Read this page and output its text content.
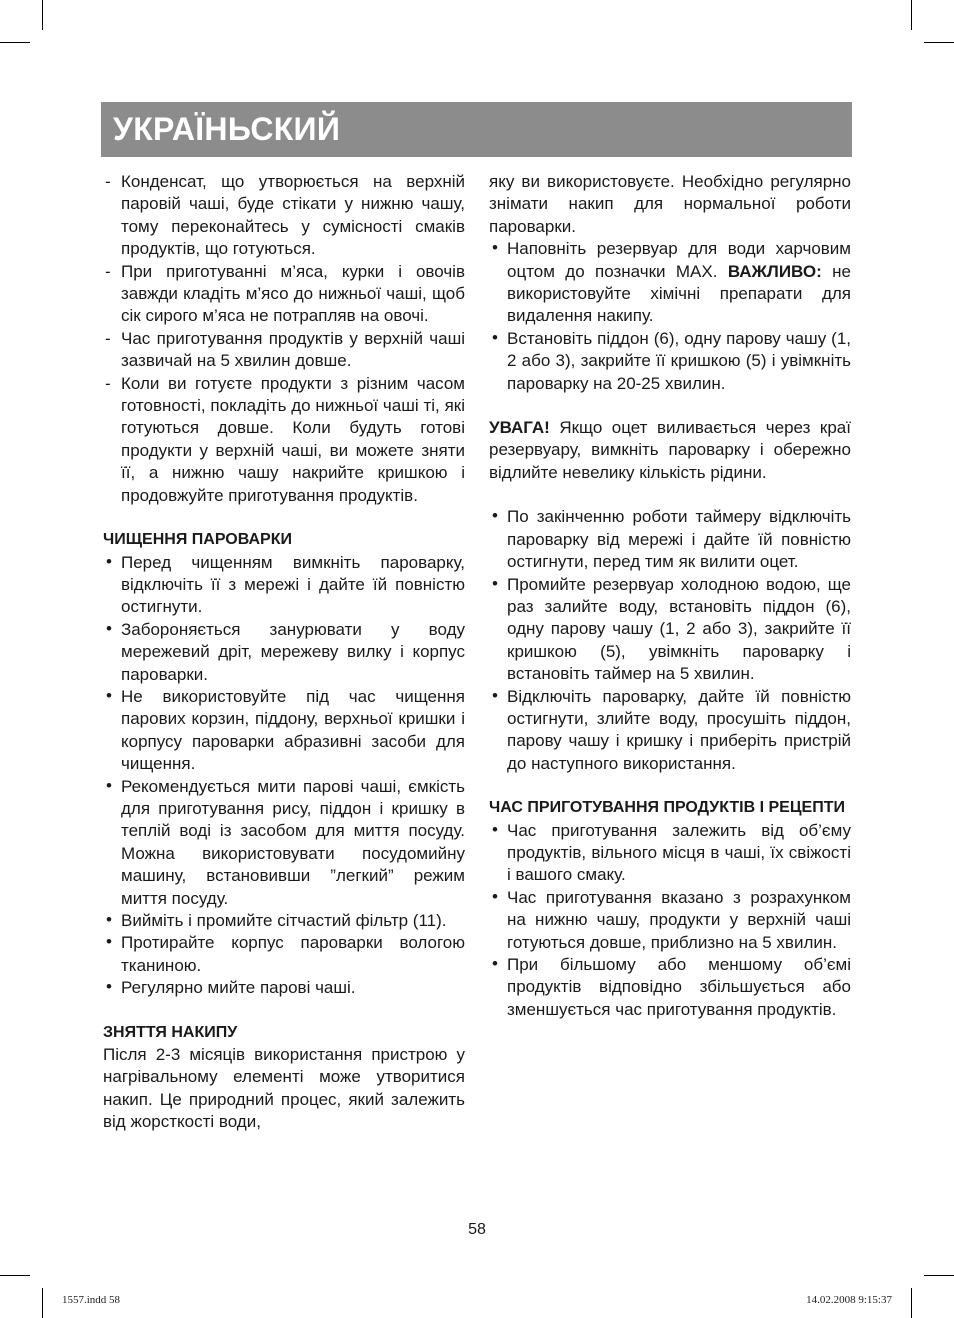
УКРАЇНЬСКИЙ
- Конденсат, що утворюється на верхній паровій чаші, буде стікати у нижню чашу, тому переконайтесь у сумісності смаків продуктів, що готуються.
- При приготуванні м’яса, курки і овочів завжди кладіть м’ясо до нижньої чаші, щоб сік сирого м’яса не потрапляв на овочі.
- Час приготування продуктів у верхній чаші зазвичай на 5 хвилин довше.
- Коли ви готуєте продукти з різним часом готовності, покладіть до нижньої чаші ті, які готуються довше. Коли будуть готові продукти у верхній чаші, ви можете зняти її, а нижню чашу накрийте кришкою і продовжуйте приготування продуктів.

ЧИЩЕННЯ ПАРОВАРКИ

• Перед чищенням вимкніть пароварку, відключіть її з мережі і дайте їй повністю остигнути.
• Забороняється занурювати у воду мережевий дріт, мережеву вилку і корпус пароварки.
• Не використовуйте під час чищення парових корзин, піддону, верхньої кришки і корпусу пароварки абразивні засоби для чищення.
• Рекомендується мити парові чаші, ємкість для приготування рису, піддон і кришку в теплій воді із засобом для миття посуду. Можна використовувати посудомийну машину, встановивши ”легкий” режим миття посуду.
• Вийміть і промийте сітчастий фільтр (11).
• Протирайте корпус пароварки вологою тканиною.
• Регулярно мийте парові чаші.

ЗНЯТТЯ НАКИПУ

Після 2-3 місяців використання пристрою у нагрівальному елементі може утворитися накип. Це природний процес, який залежить від жорсткості води,

яку ви використовуєте. Необхідно регулярно знімати накип для нормальної роботи пароварки.

• Наповніть резервуар для води харчовим оцтом до позначки MAX. ВАЖЛИВО: не використовуйте хімічні препарати для видалення накипу.
• Встановіть піддон (6), одну парову чашу (1, 2 або 3), закрийте її кришкою (5) і увімкніть пароварку на 20-25 хвилин.

УВАГА! Якщо оцет виливається через краї резервуару, вимкніть пароварку і обережно відлийте невелику кількість рідини.

• По закінченню роботи таймеру відключіть пароварку від мережі і дайте їй повністю остигнути, перед тим як вилити оцет.
• Промийте резервуар холодною водою, ще раз залийте воду, встановіть піддон (6), одну парову чашу (1, 2 або 3), закрийте її кришкою (5), увімкніть пароварку і встановіть таймер на 5 хвилин.
• Відключіть пароварку, дайте їй повністю остигнути, злийте воду, просушіть піддон, парову чашу і кришку і приберіть пристрій до наступного використання.

ЧАС ПРИГОТУВАННЯ ПРОДУКТІВ І РЕЦЕПТИ

• Час приготування залежить від об’єму продуктів, вільного місця в чаші, їх свіжості і вашого смаку.
• Час приготування вказано з розрахунком на нижню чашу, продукти у верхній чаші готуються довше, приблизно на 5 хвилин.
• При більшому або меншому об’ємі продуктів відповідно збільшується або зменшується час приготування продуктів.
58
1557.indd 58	14.02.2008 9:15:37
